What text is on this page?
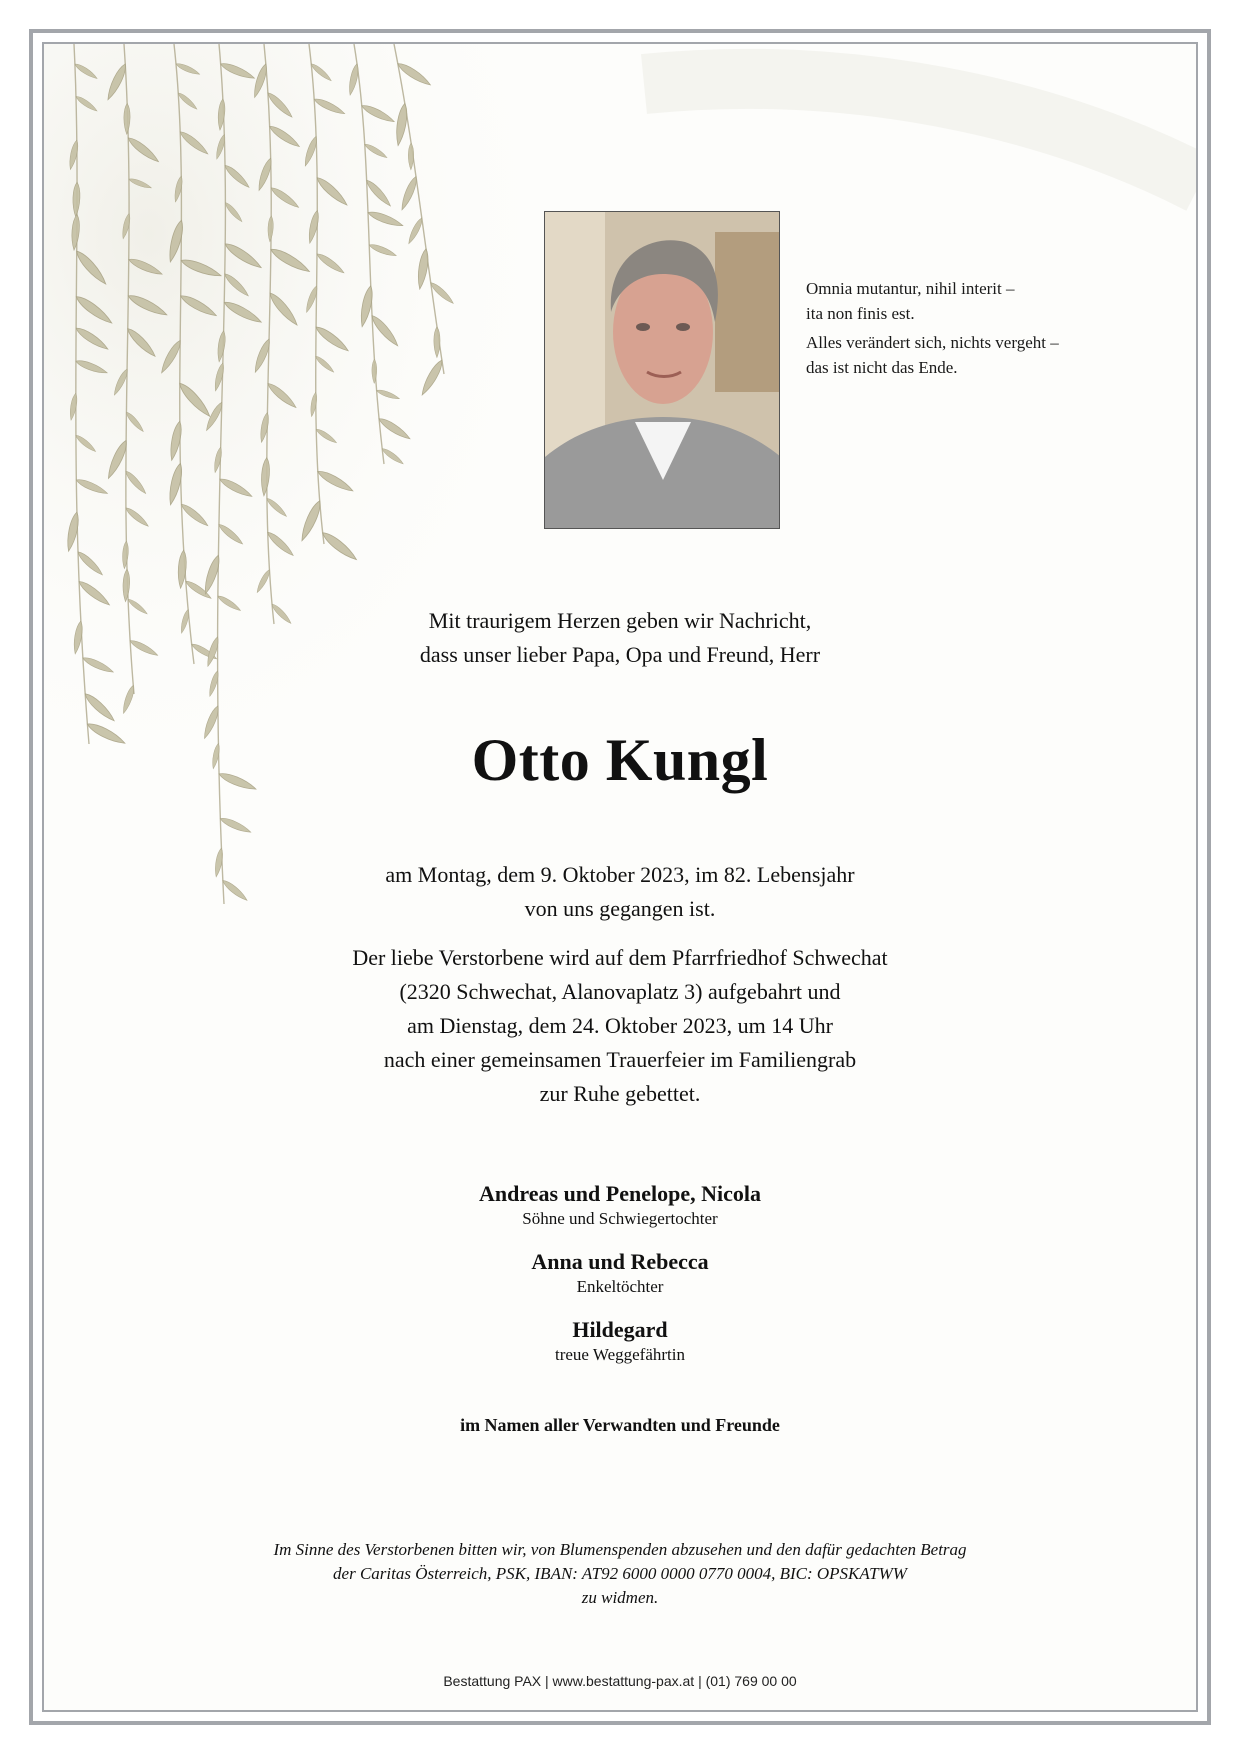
Omnia mutantur, nihil interit –
ita non finis est.

Alles verändert sich, nichts vergeht –
das ist nicht das Ende.

Mit traurigem Herzen geben wir Nachricht,
dass unser lieber Papa, Opa und Freund, Herr
Otto Kungl
am Montag, dem 9. Oktober 2023, im 82. Lebensjahr
von uns gegangen ist.
Der liebe Verstorbene wird auf dem Pfarrfriedhof Schwechat
(2320 Schwechat, Alanovaplatz 3) aufgebahrt und
am Dienstag, dem 24. Oktober 2023, um 14 Uhr
nach einer gemeinsamen Trauerfeier im Familiengrab
zur Ruhe gebettet.
Andreas und Penelope, Nicola
Söhne und Schwiegertochter
Anna und Rebecca
Enkeltöchter
Hildegard
treue Weggefährtin
im Namen aller Verwandten und Freunde
Im Sinne des Verstorbenen bitten wir, von Blumenspenden abzusehen und den dafür gedachten Betrag
der Caritas Österreich, PSK, IBAN: AT92 6000 0000 0770 0004, BIC: OPSKATWW
zu widmen.
Bestattung PAX | www.bestattung-pax.at | (01) 769 00 00
